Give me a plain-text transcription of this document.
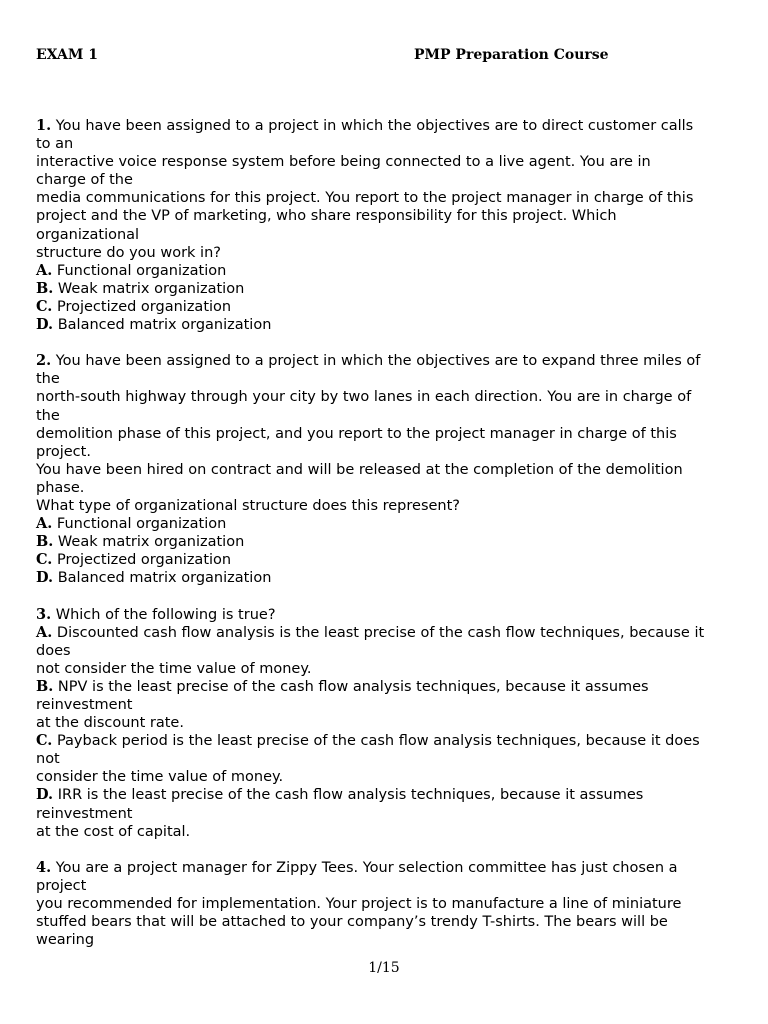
EXAM 1	PMP Preparation Course
1. You have been assigned to a project in which the objectives are to direct customer calls
to an
interactive voice response system before being connected to a live agent. You are in
charge of the
media communications for this project. You report to the project manager in charge of this
project and the VP of marketing, who share responsibility for this project. Which
organizational
structure do you work in?
A. Functional organization
B. Weak matrix organization
C. Projectized organization
D. Balanced matrix organization
2. You have been assigned to a project in which the objectives are to expand three miles of
the
north-south highway through your city by two lanes in each direction. You are in charge of
the
demolition phase of this project, and you report to the project manager in charge of this
project.
You have been hired on contract and will be released at the completion of the demolition
phase.
What type of organizational structure does this represent?
A. Functional organization
B. Weak matrix organization
C. Projectized organization
D. Balanced matrix organization
3. Which of the following is true?
A. Discounted cash flow analysis is the least precise of the cash flow techniques, because it
does
not consider the time value of money.
B. NPV is the least precise of the cash flow analysis techniques, because it assumes
reinvestment
at the discount rate.
C. Payback period is the least precise of the cash flow analysis techniques, because it does
not
consider the time value of money.
D. IRR is the least precise of the cash flow analysis techniques, because it assumes
reinvestment
at the cost of capital.
4. You are a project manager for Zippy Tees. Your selection committee has just chosen a
project
you recommended for implementation. Your project is to manufacture a line of miniature
stuffed bears that will be attached to your company’s trendy T-shirts. The bears will be
wearing
1/15
